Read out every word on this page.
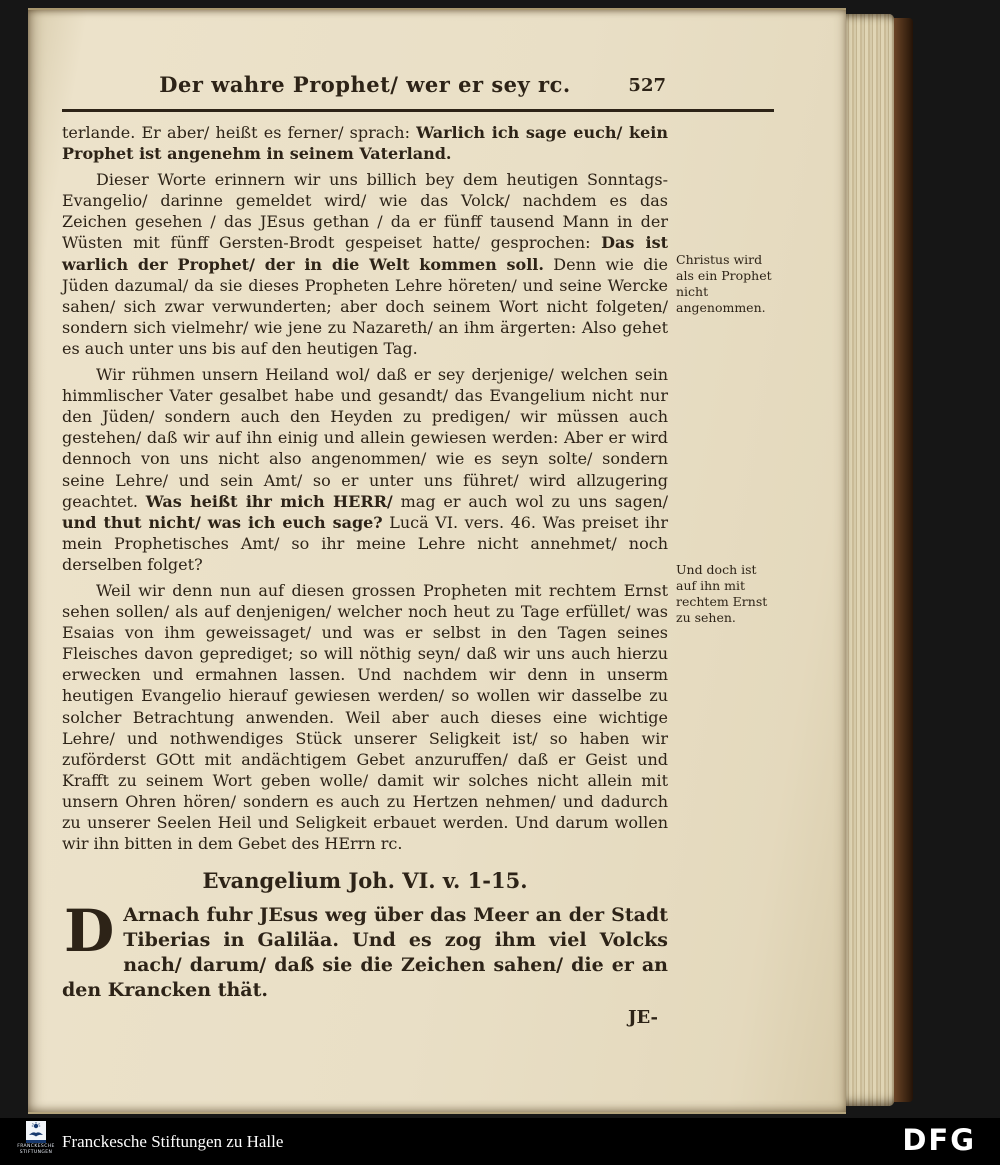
Der wahre Prophet/ wer er sey rc.	527

terlande. Er aber/ heißt es ferner/ sprach: Warlich ich sage euch/ kein Prophet ist angenehm in seinem Vaterland.

Dieser Worte erinnern wir uns billich bey dem heutigen Sonntags-Evangelio/ darinne gemeldet wird/ wie das Volck/ nachdem es das Zeichen gesehen / das JEsus gethan / da er fünff tausend Mann in der Wüsten mit fünff Gersten-Brodt gespeiset hatte/ gesprochen: Das ist warlich der Prophet/ der in die Welt kommen soll. Denn wie die Jüden dazumal/ da sie dieses Propheten Lehre höreten/ und seine Wercke sahen/ sich zwar verwunderten; aber doch seinem Wort nicht folgeten/ sondern sich vielmehr/ wie jene zu Nazareth/ an ihm ärgerten: Also gehet es auch unter uns bis auf den heutigen Tag.

Wir rühmen unsern Heiland wol/ daß er sey derjenige/ welchen sein himmlischer Vater gesalbet habe und gesandt/ das Evangelium nicht nur den Jüden/ sondern auch den Heyden zu predigen/ wir müssen auch gestehen/ daß wir auf ihn einig und allein gewiesen werden: Aber er wird dennoch von uns nicht also angenommen/ wie es seyn solte/ sondern seine Lehre/ und sein Amt/ so er unter uns führet/ wird allzugering geachtet. Was heißt ihr mich HERR/ mag er auch wol zu uns sagen/ und thut nicht/ was ich euch sage? Lucä VI. vers. 46. Was preiset ihr mein Prophetisches Amt/ so ihr meine Lehre nicht annehmet/ noch derselben folget?

Weil wir denn nun auf diesen grossen Propheten mit rechtem Ernst sehen sollen/ als auf denjenigen/ welcher noch heut zu Tage erfüllet/ was Esaias von ihm geweissaget/ und was er selbst in den Tagen seines Fleisches davon geprediget; so will nöthig seyn/ daß wir uns auch hierzu erwecken und ermahnen lassen. Und nachdem wir denn in unserm heutigen Evangelio hierauf gewiesen werden/ so wollen wir dasselbe zu solcher Betrachtung anwenden. Weil aber auch dieses eine wichtige Lehre/ und nothwendiges Stück unserer Seligkeit ist/ so haben wir zuförderst GOtt mit andächtigem Gebet anzuruffen/ daß er Geist und Krafft zu seinem Wort geben wolle/ damit wir solches nicht allein mit unsern Ohren hören/ sondern es auch zu Hertzen nehmen/ und dadurch zu unserer Seelen Heil und Seligkeit erbauet werden. Und darum wollen wir ihn bitten in dem Gebet des HErrn rc.

Evangelium Joh. VI. v. 1-15.
D Arnach fuhr JEsus weg über das Meer an der Stadt Tiberias in Galiläa. Und es zog ihm viel Volcks nach/ darum/ daß sie die Zeichen sahen/ die er an den Krancken thät.
JE-
Christus wird als ein Prophet nicht angenommen.
Und doch ist auf ihn mit rechtem Ernst zu sehen.
FRANCKESCHE STIFTUNGEN
Franckesche Stiftungen zu Halle	DFG
